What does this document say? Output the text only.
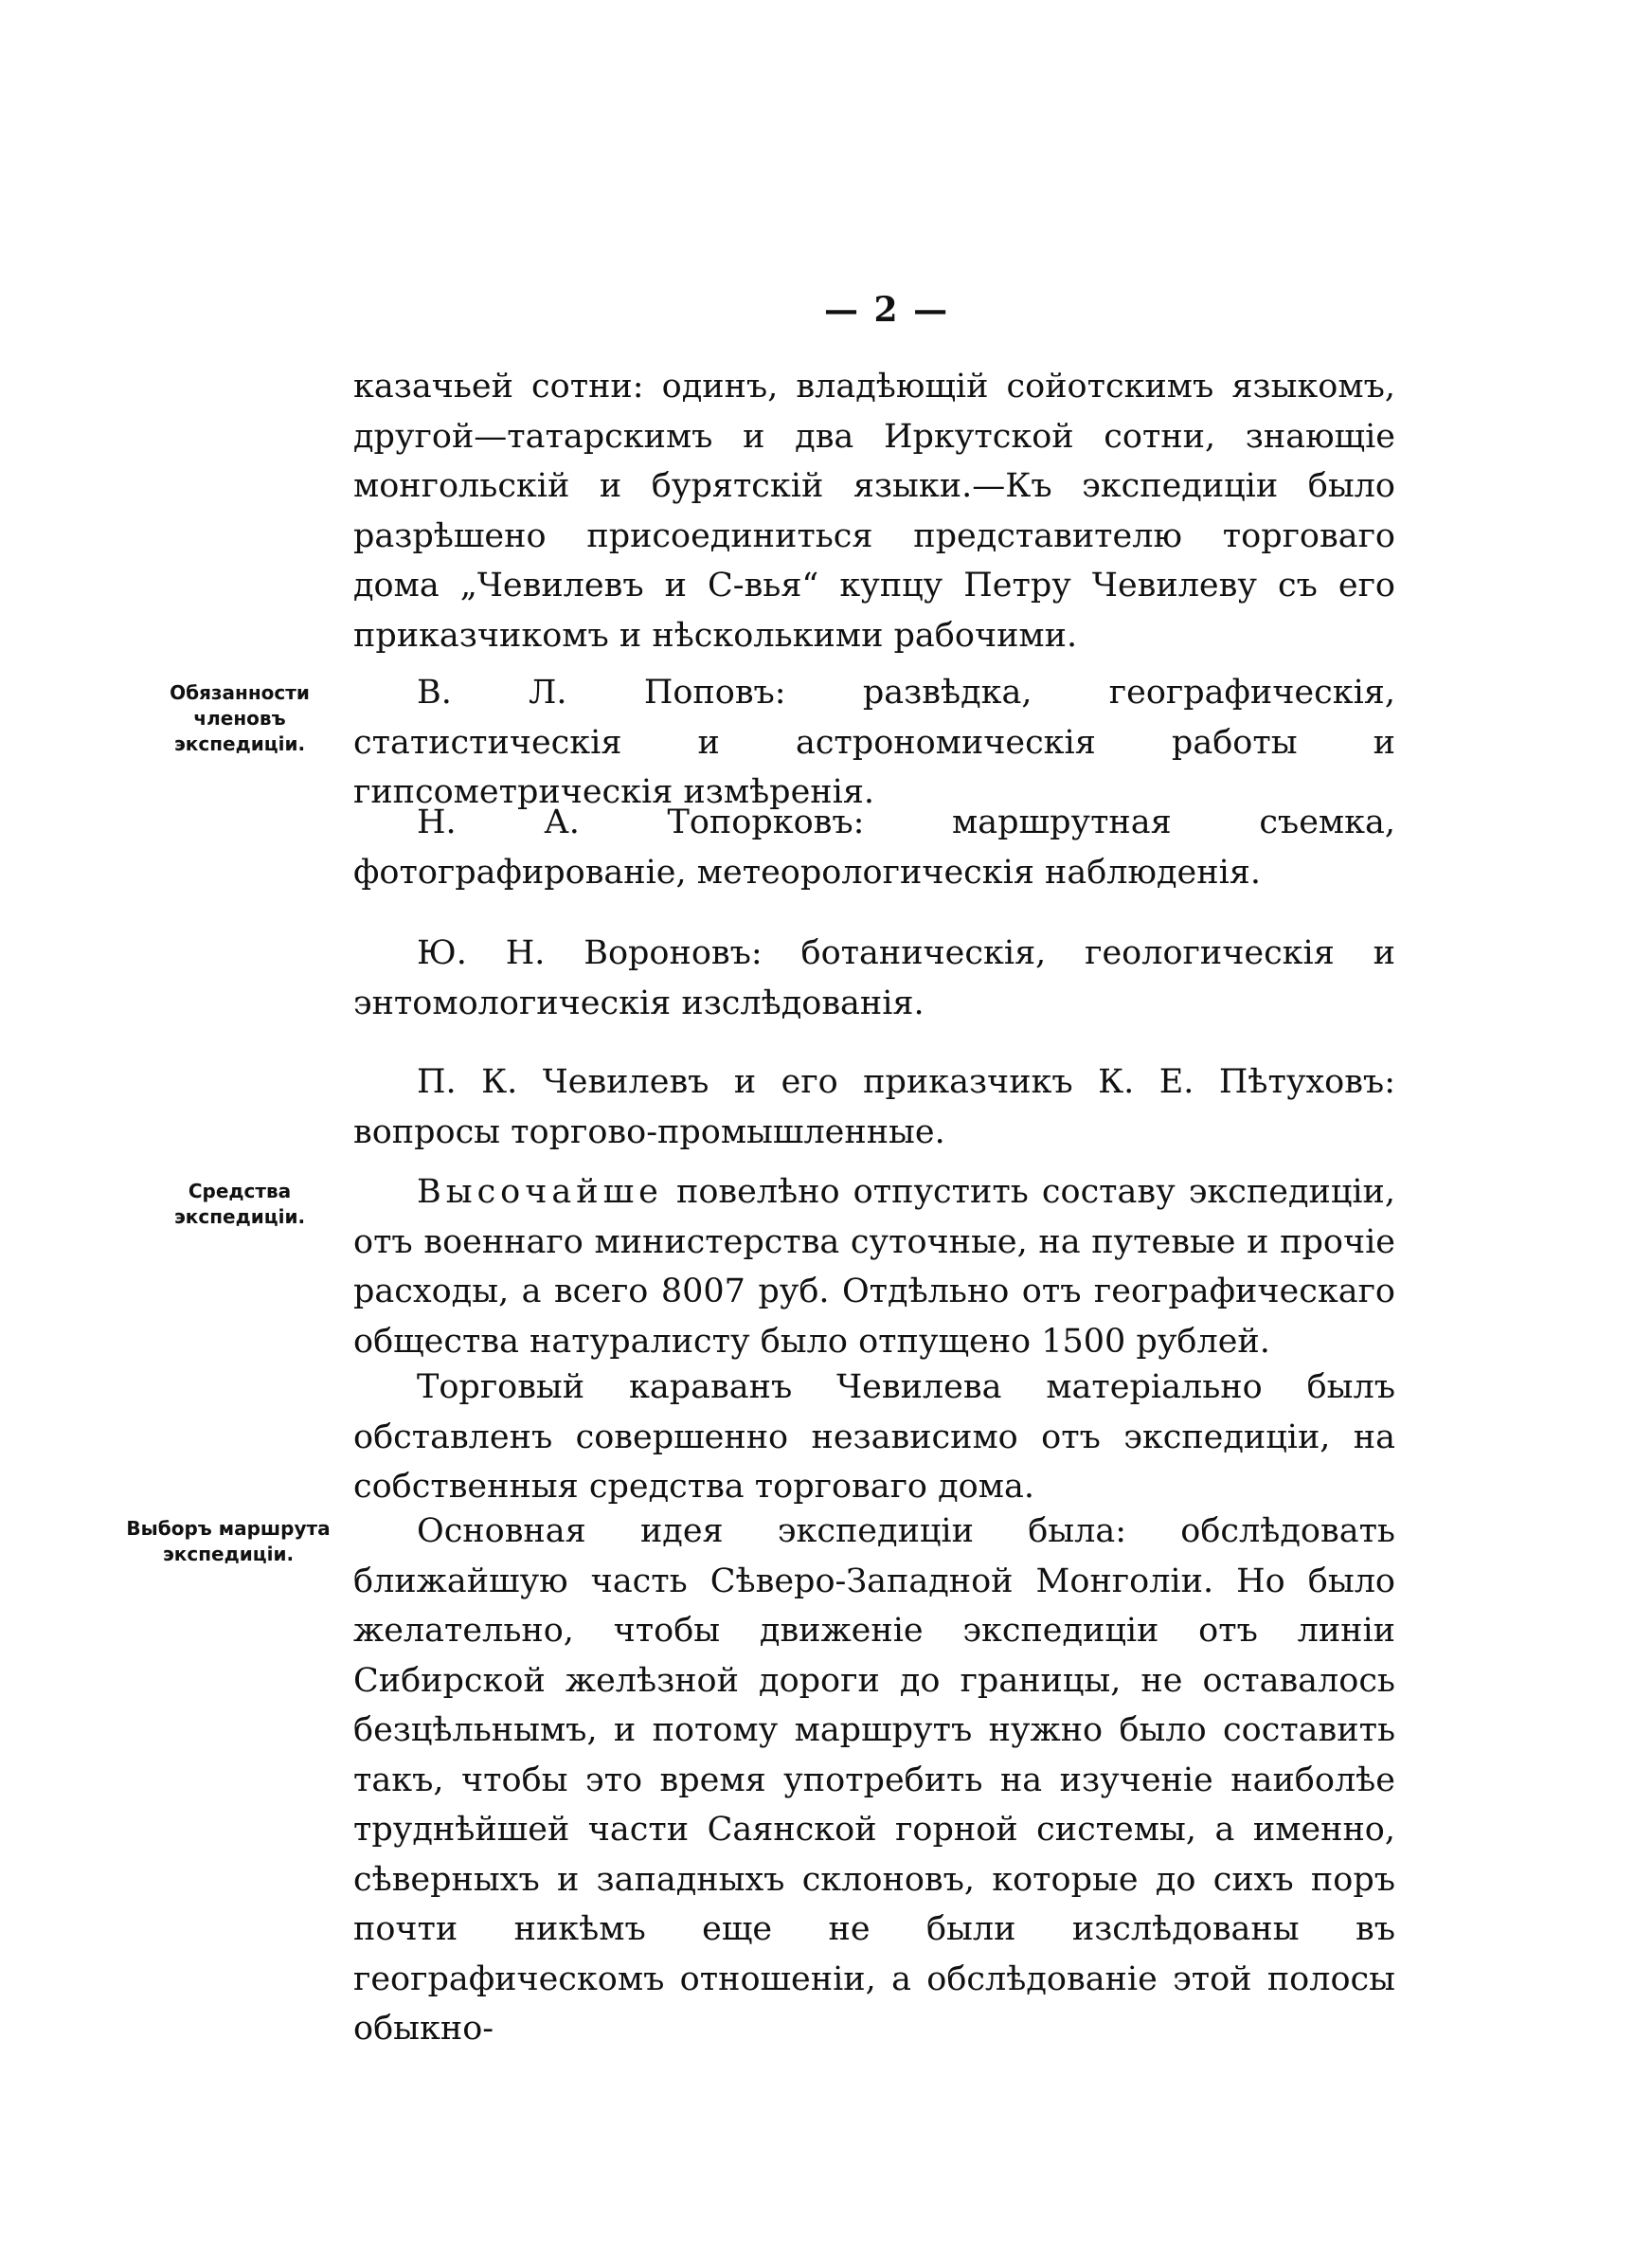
— 2 —

казачьей сотни: одинъ, владѣющій сойотскимъ языкомъ, другой—татарскимъ и два Иркутской сотни, знающіе монгольскій и бурятскій языки.—Къ экспедиціи было разрѣшено присоединиться представителю торговаго дома „Чевилевъ и С-вья“ купцу Петру Чевилеву съ его приказчикомъ и нѣсколькими рабочими.

Обязанности членовъ экспедиціи.

В. Л. Поповъ: развѣдка, географическія, статистическія и астрономическія работы и гипсометрическія измѣренія.

Н. А. Топорковъ: маршрутная съемка, фотографированіе, метеорологическія наблюденія.

Ю. Н. Вороновъ: ботаническія, геологическія и энтомологическія изслѣдованія.

П. К. Чевилевъ и его приказчикъ К. Е. Пѣтуховъ: вопросы торгово-промышленные.

Средства экспедиціи.

Высочайше повелѣно отпустить составу экспедиціи, отъ военнаго министерства суточные, на путевые и прочіе расходы, а всего 8007 руб. Отдѣльно отъ географическаго общества натуралисту было отпущено 1500 рублей.

Торговый караванъ Чевилева матеріально былъ обставленъ совершенно независимо отъ экспедиціи, на собственныя средства торговаго дома.

Выборъ маршрута экспедиціи.

Основная идея экспедиціи была: обслѣдовать ближайшую часть Сѣверо-Западной Монголіи. Но было желательно, чтобы движеніе экспедиціи отъ линіи Сибирской желѣзной дороги до границы, не оставалось безцѣльнымъ, и потому маршрутъ нужно было составить такъ, чтобы это время употребить на изученіе наиболѣе труднѣйшей части Саянской горной системы, а именно, сѣверныхъ и западныхъ склоновъ, которые до сихъ поръ почти никѣмъ еще не были изслѣдованы въ географическомъ отношеніи, а обслѣдованіе этой полосы обыкно-
